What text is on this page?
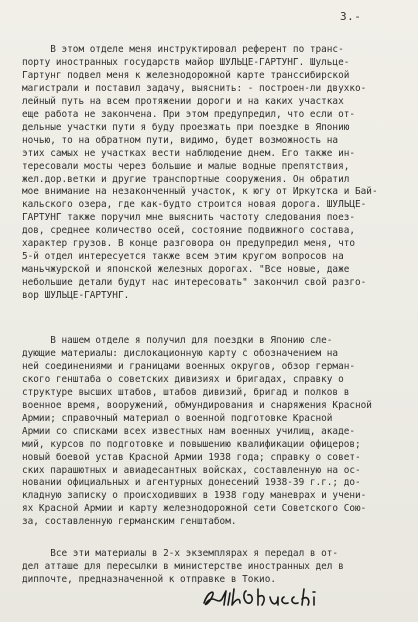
3.-
В этом отделе меня инструктировал референт по транс-
порту иностранных государств майор ШУЛЬЦЕ-ГАРТУНГ. Шульце-
Гартунг подвел меня к железнодорожной карте транссибирской
магистрали и поставил задачу, выяснить: - построен-ли двухко-
лейный путь на всем протяжении дороги и на каких участках
еще работа не закончена. При этом предупредил, что если от-
дельные участки пути я буду проезжать при поездке в Японию
ночью, то на обратном пути, видимо, будет возможность на
этих самых не участках вести наблюдение днем. Его также ин-
тересовали мосты через большие и малые водные препятствия,
жел.дор.ветки и другие транспортные сооружения. Он обратил
мое внимание на незаконченный участок, к югу от Иркутска и Бай-
кальского озера, где как-будто строится новая дорога. ШУЛЬЦЕ-
ГАРТУНГ также поручил мне выяснить частоту следования поез-
дов, среднее количество осей, состояние подвижного состава,
характер грузов. В конце разговора он предупредил меня, что
5-й отдел интересуется также всем этим кругом вопросов на
маньчжурской и японской железных дорогах. "Все новые, даже
небольшие детали будут нас интересовать" закончил свой разго-
вор ШУЛЬЦЕ-ГАРТУНГ.
В нашем отделе я получил для поездки в Японию сле-
дующие материалы: дислокационную карту с обозначением на
ней соединениями и границами военных округов, обзор герман-
ского генштаба о советских дивизиях и бригадах, справку о
структуре высших штабов, штабов дивизий, бригад и полков в
военное время, вооружений, обмундирования и снаряжения Красной
Армии; справочный материал о военной подготовке Красной
Армии со списками всех известных нам военных училищ, акаде-
мий, курсов по подготовке и повышению квалификации офицеров;
новый боевой устав Красной Армии 1938 года; справку о совет-
ских парашютных и авиадесантных войсках, составленную на ос-
новании официальных и агентурных донесений 1938-39 г.г.; до-
кладную записку о происходивших в 1938 году маневрах и учени-
ях Красной Армии и карту железнодорожной сети Советского Сою-
за, составленную германским генштабом.
Все эти материалы в 2-х экземплярах я передал в от-
дел атташе для пересылки в министерстве иностранных дел в
диппочте, предназначенной к отправке в Токио.
